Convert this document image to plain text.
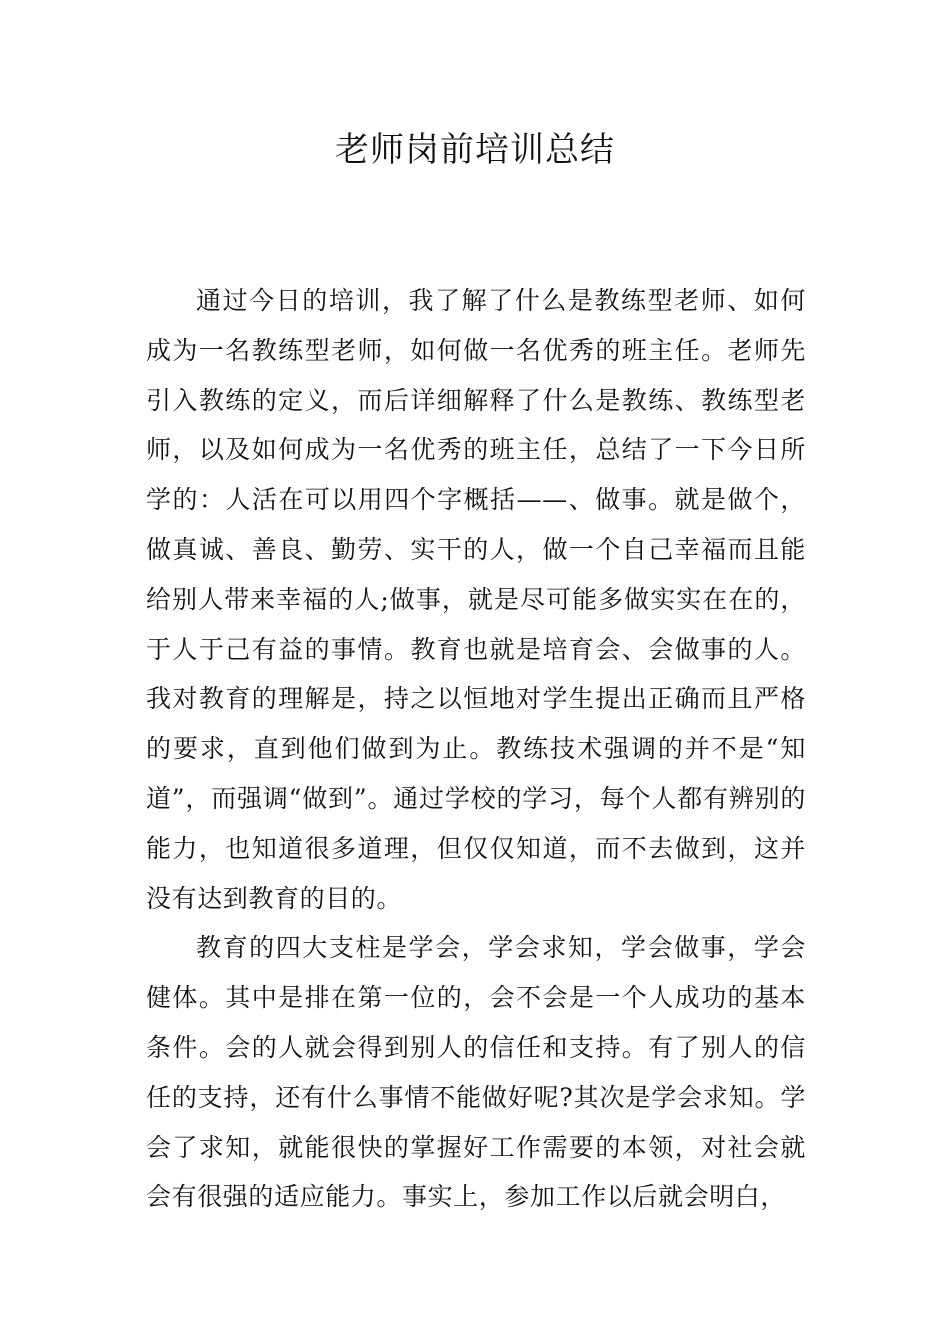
老师岗前培训总结

通过今日的培训，我了解了什么是教练型老师、如何成为一名教练型老师，如何做一名优秀的班主任。老师先引入教练的定义，而后详细解释了什么是教练、教练型老师，以及如何成为一名优秀的班主任，总结了一下今日所学的：人活在可以用四个字概括——、做事。就是做个，做真诚、善良、勤劳、实干的人，做一个自己幸福而且能给别人带来幸福的人;做事，就是尽可能多做实实在在的，于人于己有益的事情。教育也就是培育会、会做事的人。我对教育的理解是，持之以恒地对学生提出正确而且严格的要求，直到他们做到为止。教练技术强调的并不是“知道”，而强调“做到”。通过学校的学习，每个人都有辨别的能力，也知道很多道理，但仅仅知道，而不去做到，这并没有达到教育的目的。

教育的四大支柱是学会，学会求知，学会做事，学会健体。其中是排在第一位的，会不会是一个人成功的基本条件。会的人就会得到别人的信任和支持。有了别人的信任的支持，还有什么事情不能做好呢?其次是学会求知。学会了求知，就能很快的掌握好工作需要的本领，对社会就会有很强的适应能力。事实上，参加工作以后就会明白，
